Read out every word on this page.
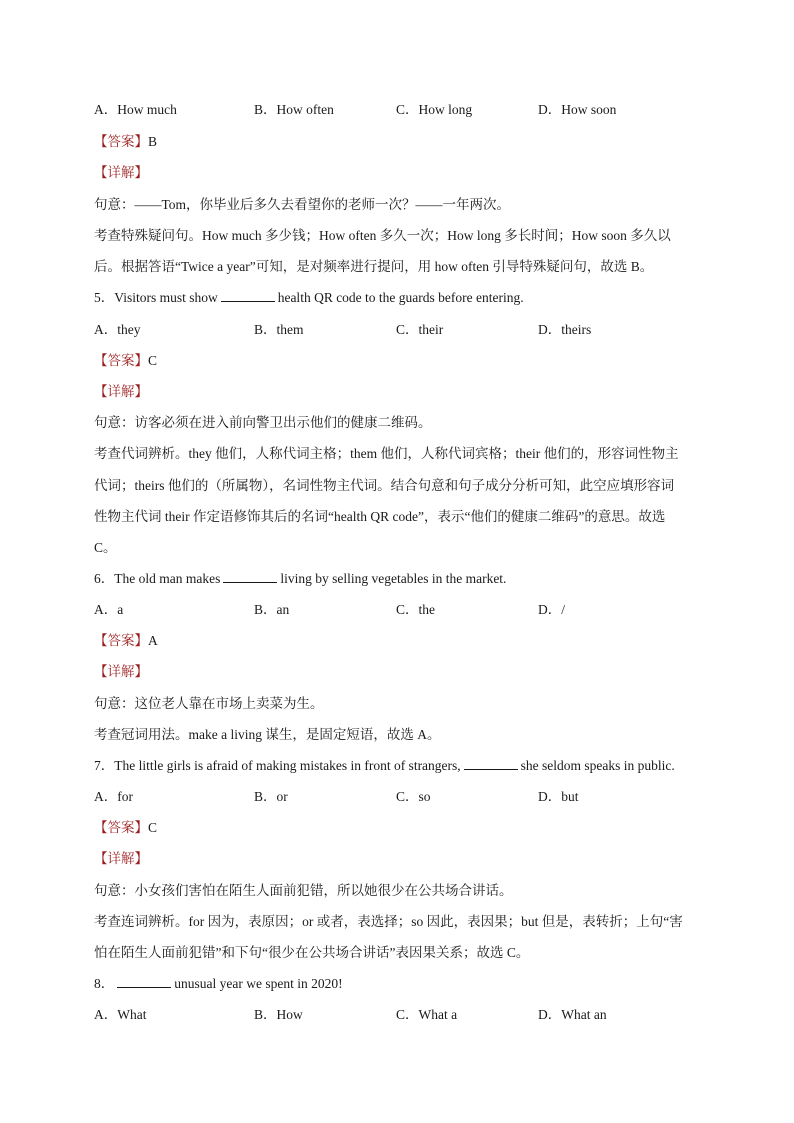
A．How much	B．How often	C．How long	D．How soon
【答案】B
【详解】
句意：——Tom，你毕业后多久去看望你的老师一次？——一年两次。
考查特殊疑问句。How much 多少钱；How often 多久一次；How long 多长时间；How soon 多久以
后。根据答语“Twice a year”可知，是对频率进行提问，用 how often 引导特殊疑问句，故选 B。
5．Visitors must show	health QR code to the guards before entering.
A．they	B．them	C．their	D．theirs
【答案】C
【详解】
句意：访客必须在进入前向警卫出示他们的健康二维码。
考查代词辨析。they 他们，人称代词主格；them 他们，人称代词宾格；their 他们的，形容词性物主
代词；theirs 他们的（所属物），名词性物主代词。结合句意和句子成分分析可知，此空应填形容词
性物主代词 their 作定语修饰其后的名词“health QR code”，表示“他们的健康二维码”的意思。故选
C。
6．The old man makes	living by selling vegetables in the market.
A．a	B．an	C．the	D．/
【答案】A
【详解】
句意：这位老人靠在市场上卖菜为生。
考查冠词用法。make a living 谋生，是固定短语，故选 A。
7．The little girls is afraid of making mistakes in front of strangers,	she seldom speaks in public.
A．for	B．or	C．so	D．but
【答案】C
【详解】
句意：小女孩们害怕在陌生人面前犯错，所以她很少在公共场合讲话。
考查连词辨析。for 因为，表原因；or 或者，表选择；so 因此，表因果；but 但是，表转折；上句“害
怕在陌生人面前犯错”和下句“很少在公共场合讲话”表因果关系；故选 C。
8．	unusual year we spent in 2020!
A．What	B．How	C．What a	D．What an
